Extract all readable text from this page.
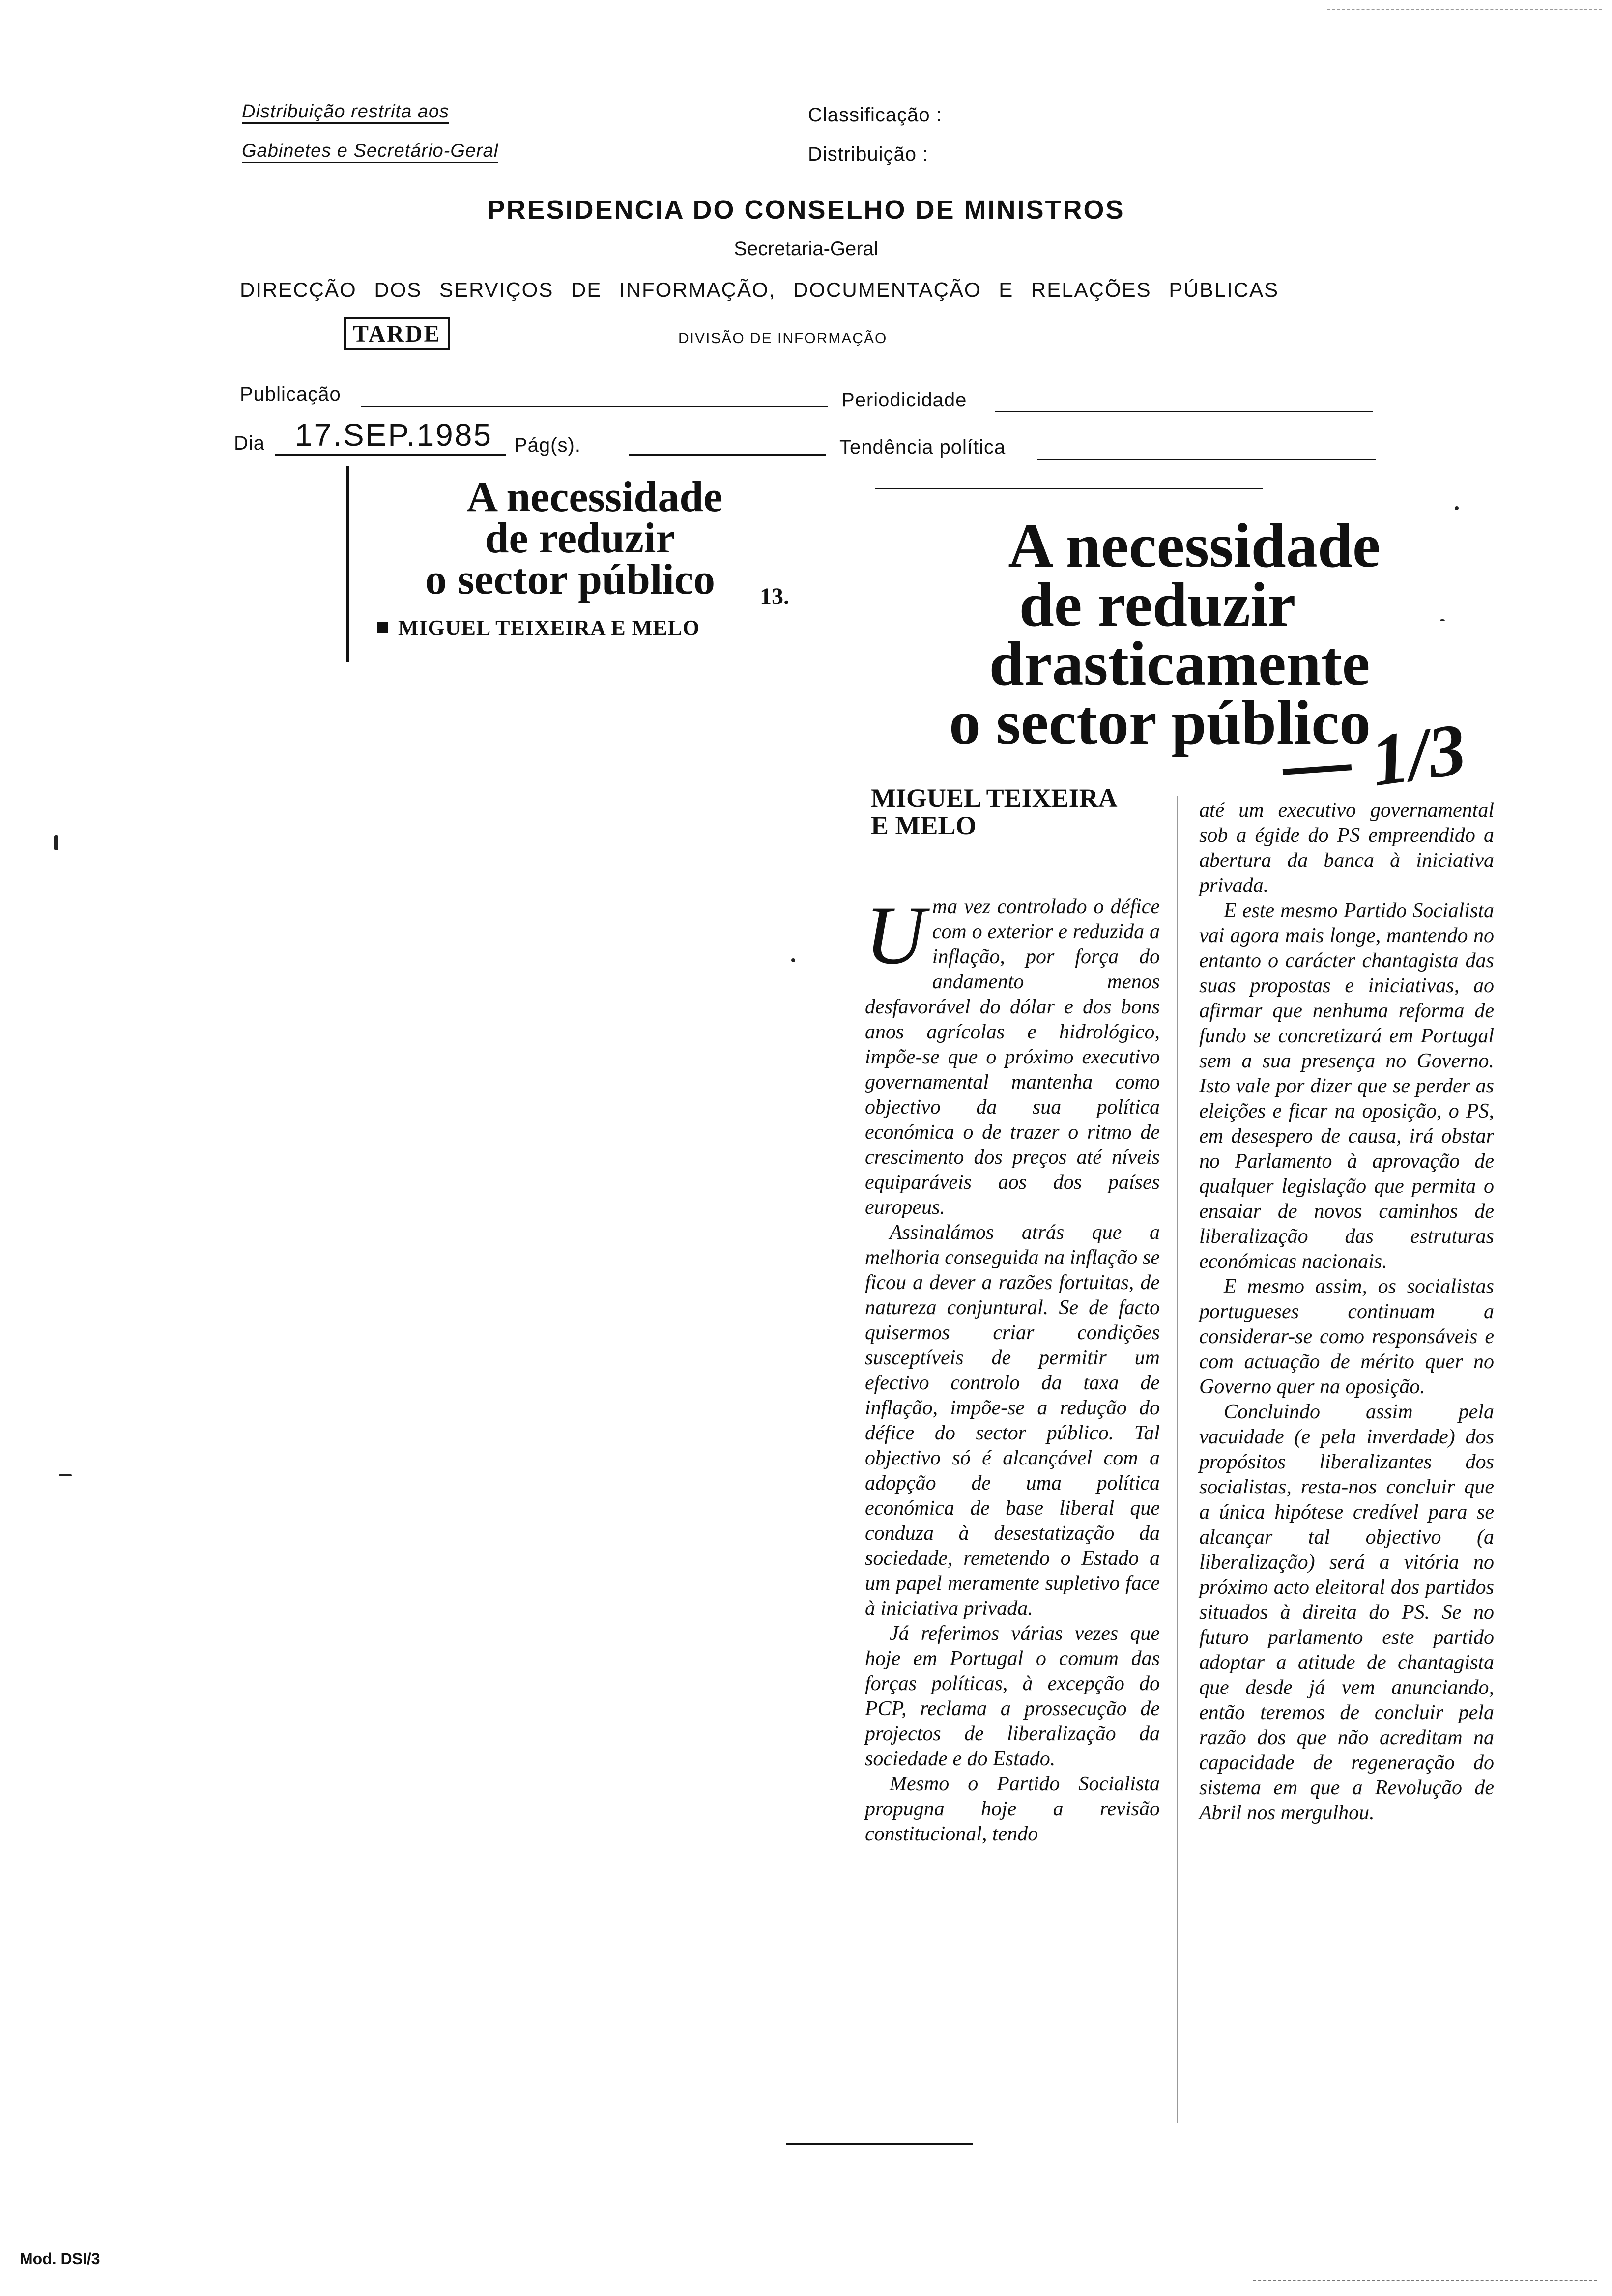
Distribuição restrita aos
Gabinetes e Secretário-Geral
Classificação :
Distribuição :
PRESIDENCIA DO CONSELHO DE MINISTROS
Secretaria-Geral
DIRECÇÃO DOS SERVIÇOS DE INFORMAÇÃO, DOCUMENTAÇÃO E RELAÇÕES PÚBLICAS
TARDE	DIVISÃO DE INFORMAÇÃO
Publicação	Periodicidade
Dia 17.SEP.1985 Pág(s).	Tendência política
A necessidade
de reduzir
o sector público	13.
MIGUEL TEIXEIRA E MELO
A necessidade
de reduzir
drasticamente
o sector público
1/3
MIGUEL TEIXEIRA
E MELO

Uma vez controlado o défice com o exterior e reduzida a inflação, por força do andamento menos desfavorável do dólar e dos bons anos agrícolas e hidrológico, impõe-se que o próximo executivo governamental mantenha como objectivo da sua política económica o de trazer o ritmo de crescimento dos preços até níveis equiparáveis aos dos países europeus.

Assinalámos atrás que a melhoria conseguida na inflação se ficou a dever a razões fortuitas, de natureza conjuntural. Se de facto quisermos criar condições susceptíveis de permitir um efectivo controlo da taxa de inflação, impõe-se a redução do défice do sector público. Tal objectivo só é alcançável com a adopção de uma política económica de base liberal que conduza à desestatização da sociedade, remetendo o Estado a um papel meramente supletivo face à iniciativa privada.

Já referimos várias vezes que hoje em Portugal o comum das forças políticas, à excepção do PCP, reclama a prossecução de projectos de liberalização da sociedade e do Estado.

Mesmo o Partido Socialista propugna hoje a revisão constitucional, tendo

até um executivo governamental sob a égide do PS empreendido a abertura da banca à iniciativa privada.

E este mesmo Partido Socialista vai agora mais longe, mantendo no entanto o carácter chantagista das suas propostas e iniciativas, ao afirmar que nenhuma reforma de fundo se concretizará em Portugal sem a sua presença no Governo. Isto vale por dizer que se perder as eleições e ficar na oposição, o PS, em desespero de causa, irá obstar no Parlamento à aprovação de qualquer legislação que permita o ensaiar de novos caminhos de liberalização das estruturas económicas nacionais.

E mesmo assim, os socialistas portugueses continuam a considerar-se como responsáveis e com actuação de mérito quer no Governo quer na oposição.

Concluindo assim pela vacuidade (e pela inverdade) dos propósitos liberalizantes dos socialistas, resta-nos concluir que a única hipótese credível para se alcançar tal objectivo (a liberalização) será a vitória no próximo acto eleitoral dos partidos situados à direita do PS. Se no futuro parlamento este partido adoptar a atitude de chantagista que desde já vem anunciando, então teremos de concluir pela razão dos que não acreditam na capacidade de regeneração do sistema em que a Revolução de Abril nos mergulhou.

Mod. DSI/3
